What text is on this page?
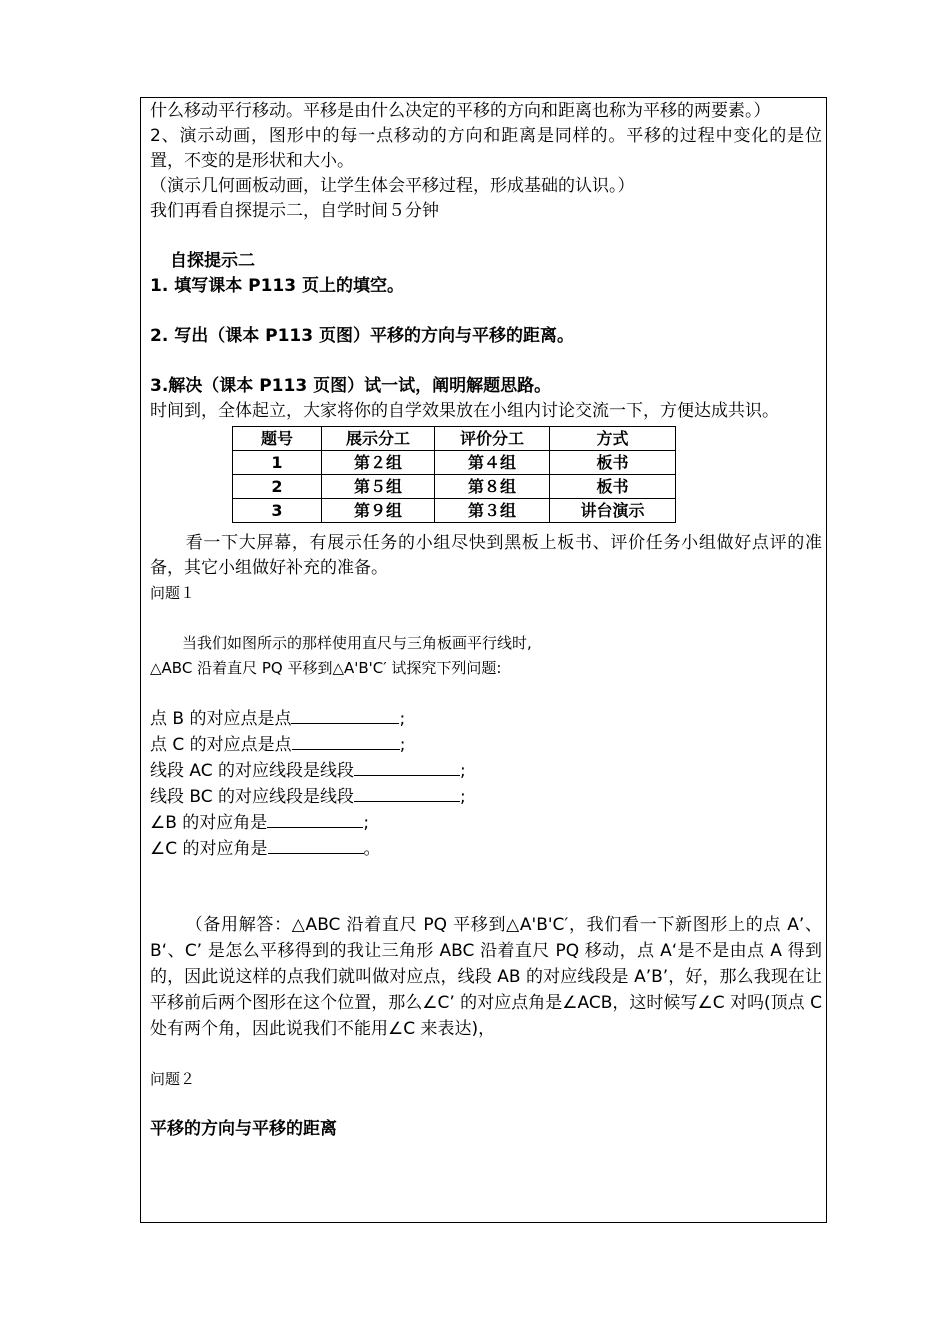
什么移动平行移动。平移是由什么决定的平移的方向和距离也称为平移的两要素。）

2、演示动画，图形中的每一点移动的方向和距离是同样的。平移的过程中变化的是位置，不变的是形状和大小。

（演示几何画板动画，让学生体会平移过程，形成基础的认识。）

我们再看自探提示二，自学时间５分钟

自探提示二

1. 填写课本 P113 页上的填空。

2. 写出（课本 P113 页图）平移的方向与平移的距离。

3.解决（课本 P113 页图）试一试，阐明解题思路。

时间到，全体起立，大家将你的自学效果放在小组内讨论交流一下，方便达成共识。

题号	展示分工	评价分工	方式
1	第２组	第４组	板书
2	第５组	第８组	板书
3	第９组	第３组	讲台演示

看一下大屏幕，有展示任务的小组尽快到黑板上板书、评价任务小组做好点评的准备，其它小组做好补充的准备。

问题１

当我们如图所示的那样使用直尺与三角板画平行线时,

△ABC 沿着直尺 PQ 平移到△A'B'C′ 试探究下列问题:

点 B 的对应点是点	;

点 C 的对应点是点	;

线段 AC 的对应线段是线段	;

线段 BC 的对应线段是线段	;

∠B 的对应角是	;

∠C 的对应角是	。

（备用解答：△ABC 沿着直尺 PQ 平移到△A'B'C′，我们看一下新图形上的点 A’、 B‘、C’ 是怎么平移得到的我让三角形 ABC 沿着直尺 PQ 移动，点 A‘是不是由点 A 得到的，因此说这样的点我们就叫做对应点，线段 AB 的对应线段是 A’B’，好，那么我现在让平移前后两个图形在这个位置，那么∠C’ 的对应点角是∠ACB，这时候写∠C 对吗(顶点 C 处有两个角，因此说我们不能用∠C 来表达)，

问题２

平移的方向与平移的距离
